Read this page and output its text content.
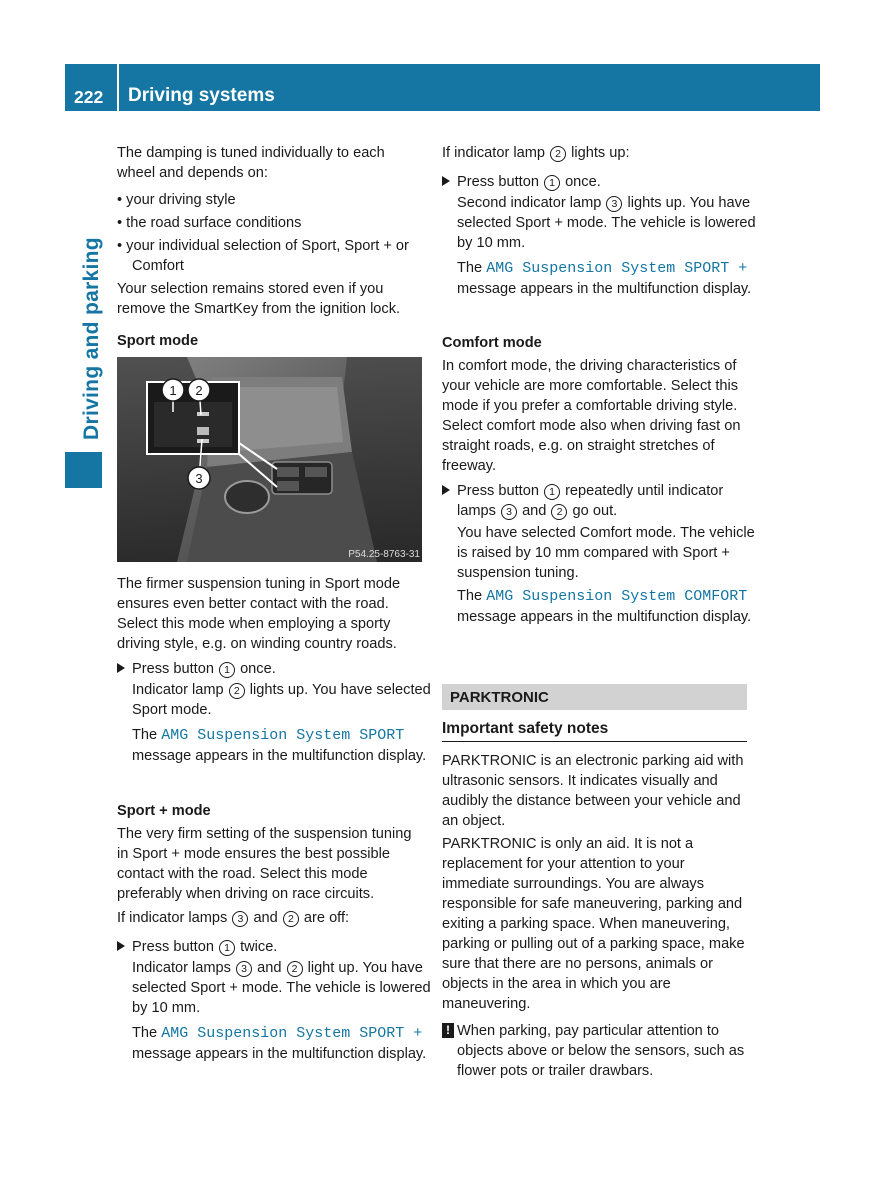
222 Driving systems
Driving and parking
The damping is tuned individually to each wheel and depends on:
• your driving style
• the road surface conditions
• your individual selection of Sport, Sport + or Comfort
Your selection remains stored even if you remove the SmartKey from the ignition lock.
Sport mode
1 2
3
P54.25-8763-31
The firmer suspension tuning in Sport mode ensures even better contact with the road. Select this mode when employing a sporty driving style, e.g. on winding country roads.
Press button 1 once.
Indicator lamp 2 lights up. You have selected Sport mode.
The AMG Suspension System SPORT message appears in the multifunction display.
Sport + mode
The very firm setting of the suspension tuning in Sport + mode ensures the best possible contact with the road. Select this mode preferably when driving on race circuits.
If indicator lamps 3 and 2 are off:
Press button 1 twice.
Indicator lamps 3 and 2 light up. You have selected Sport + mode. The vehicle is lowered by 10 mm.
The AMG Suspension System SPORT + message appears in the multifunction display.
If indicator lamp 2 lights up:
Press button 1 once.
Second indicator lamp 3 lights up. You have selected Sport + mode. The vehicle is lowered by 10 mm.
The AMG Suspension System SPORT + message appears in the multifunction display.
Comfort mode
In comfort mode, the driving characteristics of your vehicle are more comfortable. Select this mode if you prefer a comfortable driving style. Select comfort mode also when driving fast on straight roads, e.g. on straight stretches of freeway.
Press button 1 repeatedly until indicator lamps 3 and 2 go out.
You have selected Comfort mode. The vehicle is raised by 10 mm compared with Sport + suspension tuning.
The AMG Suspension System COMFORT message appears in the multifunction display.
PARKTRONIC
Important safety notes
PARKTRONIC is an electronic parking aid with ultrasonic sensors. It indicates visually and audibly the distance between your vehicle and an object.
PARKTRONIC is only an aid. It is not a replacement for your attention to your immediate surroundings. You are always responsible for safe maneuvering, parking and exiting a parking space. When maneuvering, parking or pulling out of a parking space, make sure that there are no persons, animals or objects in the area in which you are maneuvering.
! When parking, pay particular attention to objects above or below the sensors, such as flower pots or trailer drawbars.
